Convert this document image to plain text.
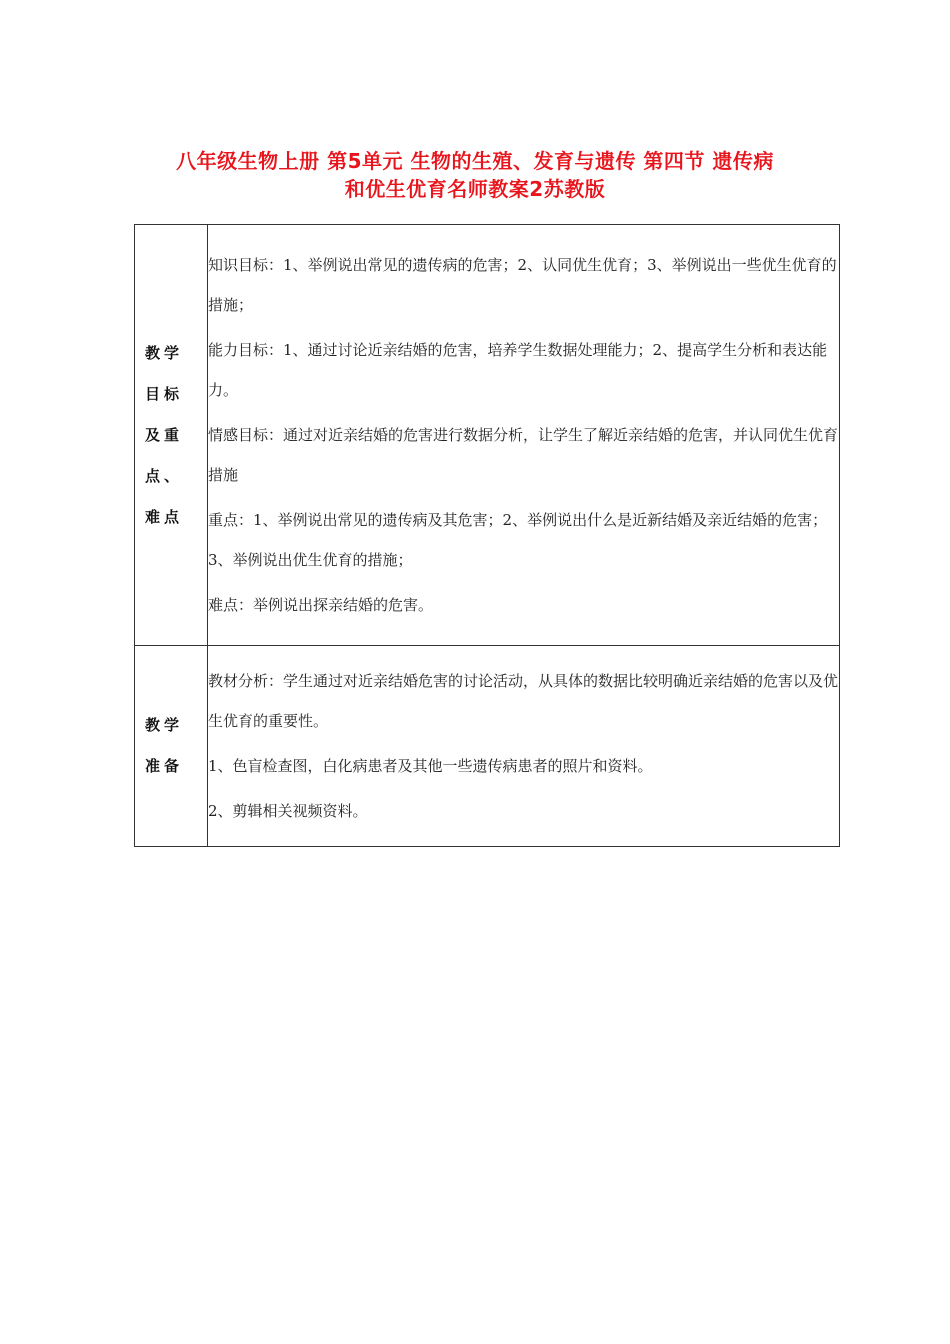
八年级生物上册 第5单元 生物的生殖、发育与遗传 第四节 遗传病
和优生优育名师教案2苏教版
教学目标及重点、难点	知识目标：1、举例说出常见的遗传病的危害；2、认同优生优育；3、举例说出一些优生优育的措施；

能力目标：1、通过讨论近亲结婚的危害，培养学生数据处理能力；2、提高学生分析和表达能力。

情感目标：通过对近亲结婚的危害进行数据分析，让学生了解近亲结婚的危害，并认同优生优育措施

重点：1、举例说出常见的遗传病及其危害；2、举例说出什么是近新结婚及亲近结婚的危害；3、举例说出优生优育的措施；

难点：举例说出探亲结婚的危害。

教学准备	教材分析：学生通过对近亲结婚危害的讨论活动，从具体的数据比较明确近亲结婚的危害以及优生优育的重要性。

1、色盲检查图，白化病患者及其他一些遗传病患者的照片和资料。

2、剪辑相关视频资料。
